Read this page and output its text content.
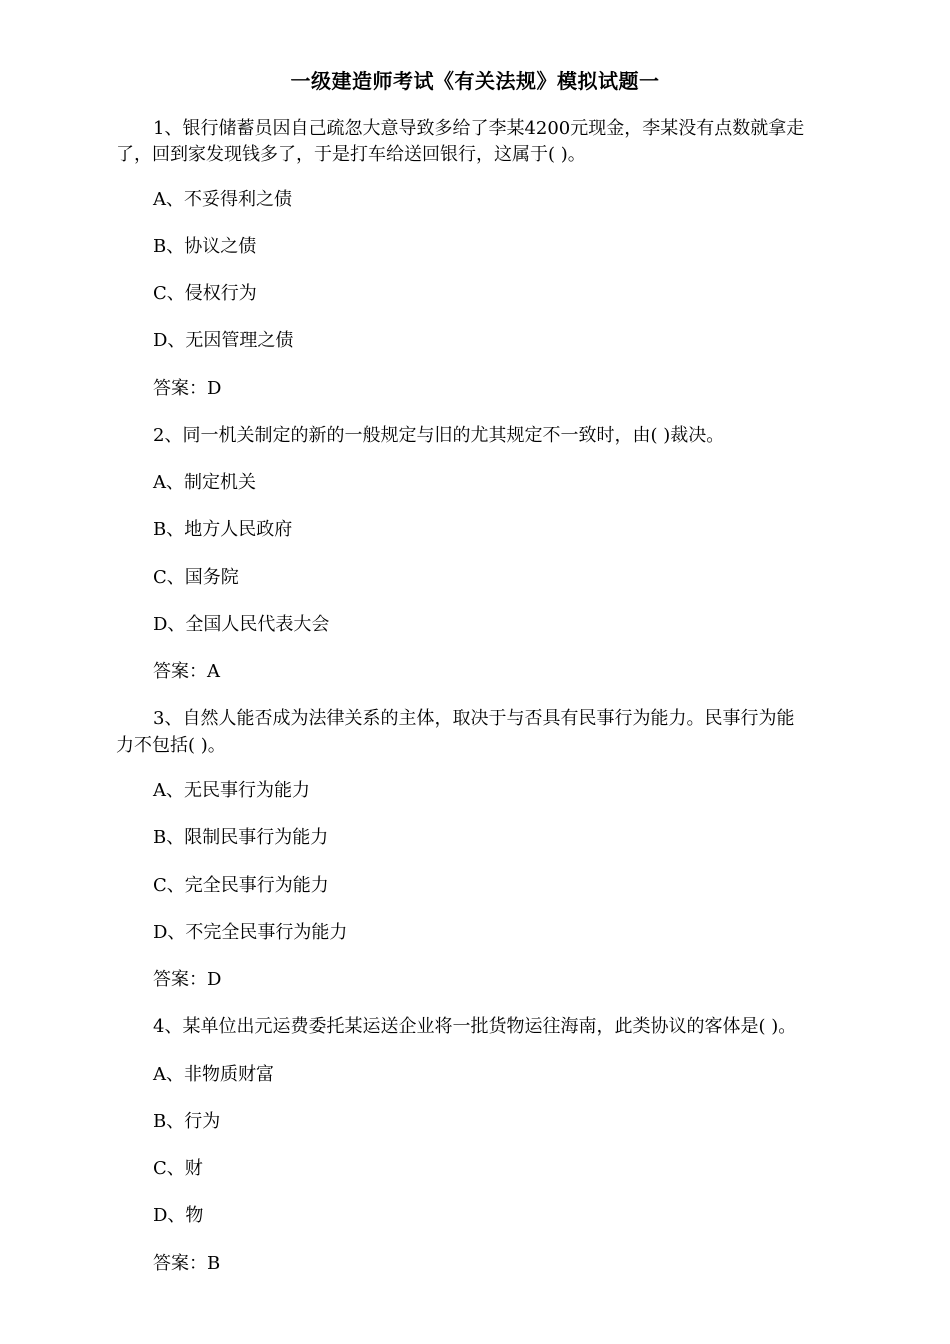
一级建造师考试《有关法规》模拟试题一
1、银行储蓄员因自己疏忽大意导致多给了李某4200元现金，李某没有点数就拿走
了，回到家发现钱多了，于是打车给送回银行，这属于( )。
A、不妥得利之债
B、协议之债
C、侵权行为
D、无因管理之债
答案：D
2、同一机关制定的新的一般规定与旧的尤其规定不一致时，由( )裁决。
A、制定机关
B、地方人民政府
C、国务院
D、全国人民代表大会
答案：A
3、自然人能否成为法律关系的主体，取决于与否具有民事行为能力。民事行为能
力不包括( )。
A、无民事行为能力
B、限制民事行为能力
C、完全民事行为能力
D、不完全民事行为能力
答案：D
4、某单位出元运费委托某运送企业将一批货物运往海南，此类协议的客体是( )。
A、非物质财富
B、行为
C、财
D、物
答案：B
